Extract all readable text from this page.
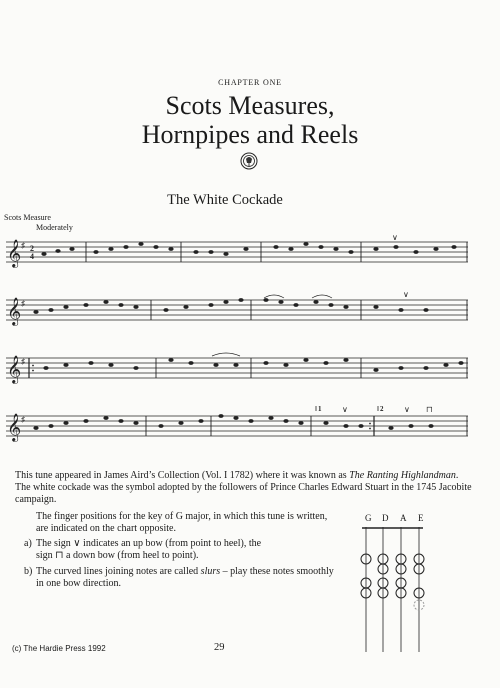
CHAPTER ONE
Scots Measures,
Hornpipes and Reels
The White Cockade
Scots Measure
Moderately
𝄞 ♯ 2
4
∨
𝄞 ♯
∨
𝄞 ♯
𝄞 ♯
1	2
∨	∨ ⊓
This tune appeared in James Aird’s Collection (Vol. I 1782) where it was known as The Ranting Highlandman. The white cockade was the symbol adopted by the followers of Prince Charles Edward Stuart in the 1745 Jacobite campaign.
The finger positions for the key of G major, in which this tune is written, are indicated on the chart opposite.
a) The sign ∨ indicates an up bow (from point to heel), the
sign ⊓ a down bow (from heel to point).
b) The curved lines joining notes are called slurs – play these notes smoothly in one bow direction.
G D A E
(c) The Hardie Press 1992	29
